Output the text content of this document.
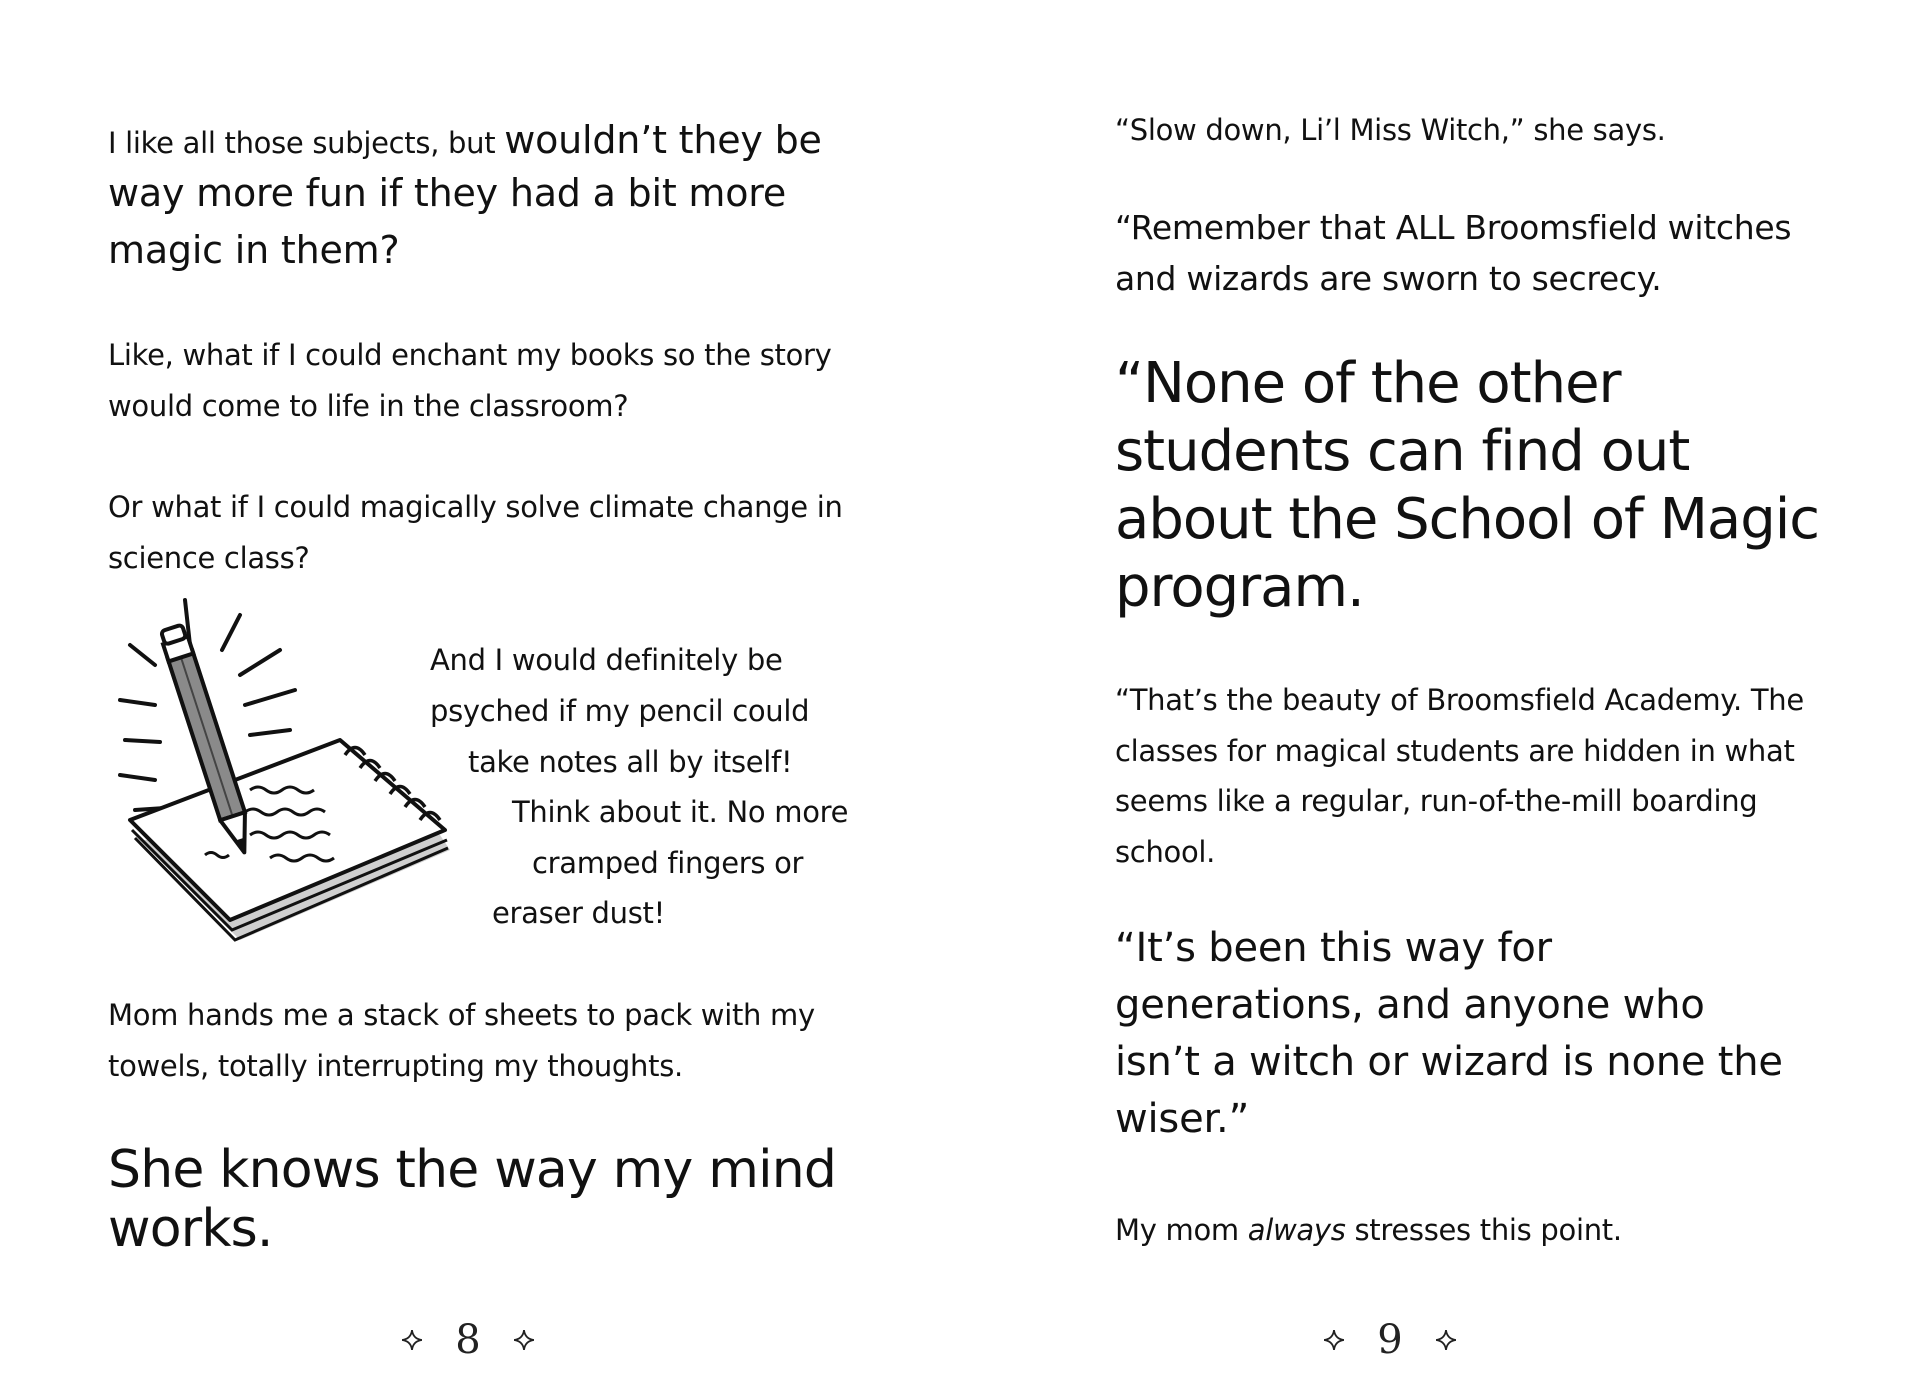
I like all those subjects, but wouldn’t they be

way more fun if they had a bit more

magic in them?

Like, what if I could enchant my books so the story

would come to life in the classroom?

Or what if I could magically solve climate change in

science class?

And I would definitely be

psyched if my pencil could

take notes all by itself!

Think about it. No more

cramped fingers or

eraser dust!

Mom hands me a stack of sheets to pack with my

towels, totally interrupting my thoughts.

She knows the way my mind

works.

8

“Slow down, Li’l Miss Witch,” she says.

“Remember that ALL Broomsfield witches

and wizards are sworn to secrecy.

“None of the other

students can find out

about the School of Magic

program.

“That’s the beauty of Broomsfield Academy. The

classes for magical students are hidden in what

seems like a regular, run-of-the-mill boarding

school.

“It’s been this way for

generations, and anyone who

isn’t a witch or wizard is none the

wiser.”

My mom always stresses this point.

9
